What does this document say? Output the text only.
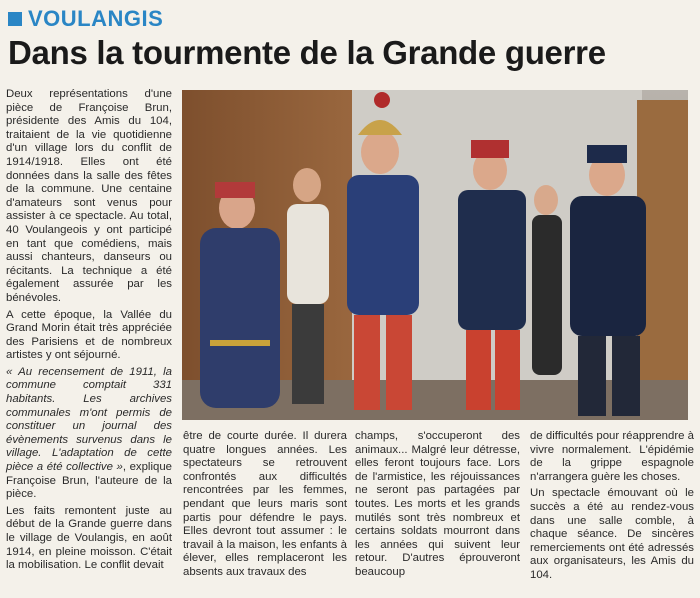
VOULANGIS
Dans la tourmente de la Grande guerre

Deux représentations d'une pièce de Françoise Brun, présidente des Amis du 104, traitaient de la vie quotidienne d'un village lors du conflit de 1914/1918. Elles ont été données dans la salle des fêtes de la commune. Une centaine d'amateurs sont venus pour assister à ce spectacle. Au total, 40 Voulangeois y ont participé en tant que comédiens, mais aussi chanteurs, danseurs ou récitants. La technique a été également assurée par les bénévoles.

A cette époque, la Vallée du Grand Morin était très appréciée des Parisiens et de nombreux artistes y ont séjourné.

« Au recensement de 1911, la commune comptait 331 habitants. Les archives communales m'ont permis de constituer un journal des évènements survenus dans le village. L'adaptation de cette pièce a été collective », explique Françoise Brun, l'auteure de la pièce.

Les faits remontent juste au début de la Grande guerre dans le village de Voulangis, en août 1914, en pleine moisson. C'était la mobilisation. Le conflit devait

être de courte durée. Il durera quatre longues années. Les spectateurs se retrouvent confrontés aux difficultés rencontrées par les femmes, pendant que leurs maris sont partis pour défendre le pays. Elles devront tout assumer : le travail à la maison, les enfants à élever, elles remplaceront les absents aux travaux des

champs, s'occuperont des animaux... Malgré leur détresse, elles feront toujours face. Lors de l'armistice, les réjouissances ne seront pas partagées par toutes. Les morts et les grands mutilés sont très nombreux et certains soldats mourront dans les années qui suivent leur retour. D'autres éprouveront beaucoup

de difficultés pour réapprendre à vivre normalement. L'épidémie de la grippe espagnole n'arrangera guère les choses.

Un spectacle émouvant où le succès a été au rendez-vous dans une salle comble, à chaque séance. De sincères remerciements ont été adressés aux organisateurs, les Amis du 104.
